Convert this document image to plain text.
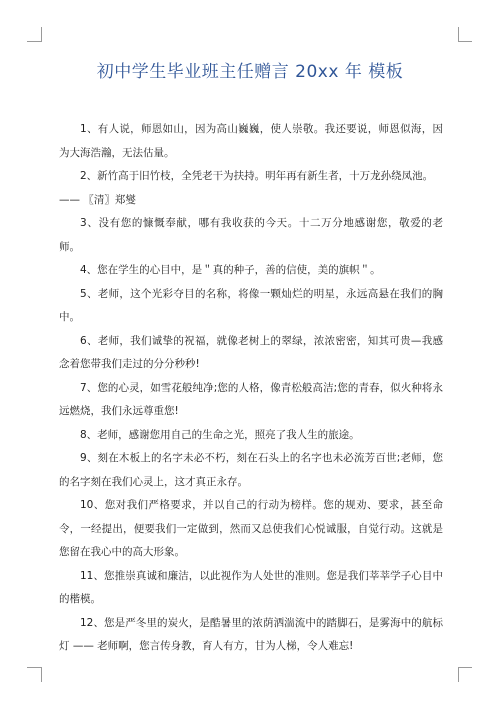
初中学生毕业班主任赠言 20xx 年 模板

1、有人说，师恩如山，因为高山巍巍，使人崇敬。我还要说，师恩似海，因为大海浩瀚，无法估量。

2、新竹高于旧竹枝，全凭老干为扶持。明年再有新生者，十万龙孙绕凤池。

—— 〖清〗郑燮

3、没有您的慷慨奉献，哪有我收获的今天。十二万分地感谢您，敬爱的老师。

4、您在学生的心目中，是＂真的种子，善的信使，美的旗帜＂。

5、老师，这个光彩夺目的名称，将像一颗灿烂的明星，永远高悬在我们的胸中。

6、老师，我们诚挚的祝福，就像老树上的翠绿，浓浓密密，知其可贵—我感念着您带我们走过的分分秒秒!

7、您的心灵，如雪花般纯净;您的人格，像青松般高洁;您的青春，似火种将永远燃烧，我们永远尊重您!

8、老师，感谢您用自己的生命之光，照亮了我人生的旅途。

9、刻在木板上的名字未必不朽，刻在石头上的名字也未必流芳百世;老师，您的名字刻在我们心灵上，这才真正永存。

10、您对我们严格要求，并以自己的行动为榜样。您的规劝、要求，甚至命令，一经提出，便要我们一定做到，然而又总使我们心悦诚服，自觉行动。这就是您留在我心中的高大形象。

11、您推崇真诚和廉洁，以此视作为人处世的准则。您是我们莘莘学子心目中的楷模。

12、您是严冬里的炭火，是酷暑里的浓荫洒湍流中的踏脚石，是雾海中的航标灯 —— 老师啊，您言传身教，育人有方，甘为人梯，令人难忘!
